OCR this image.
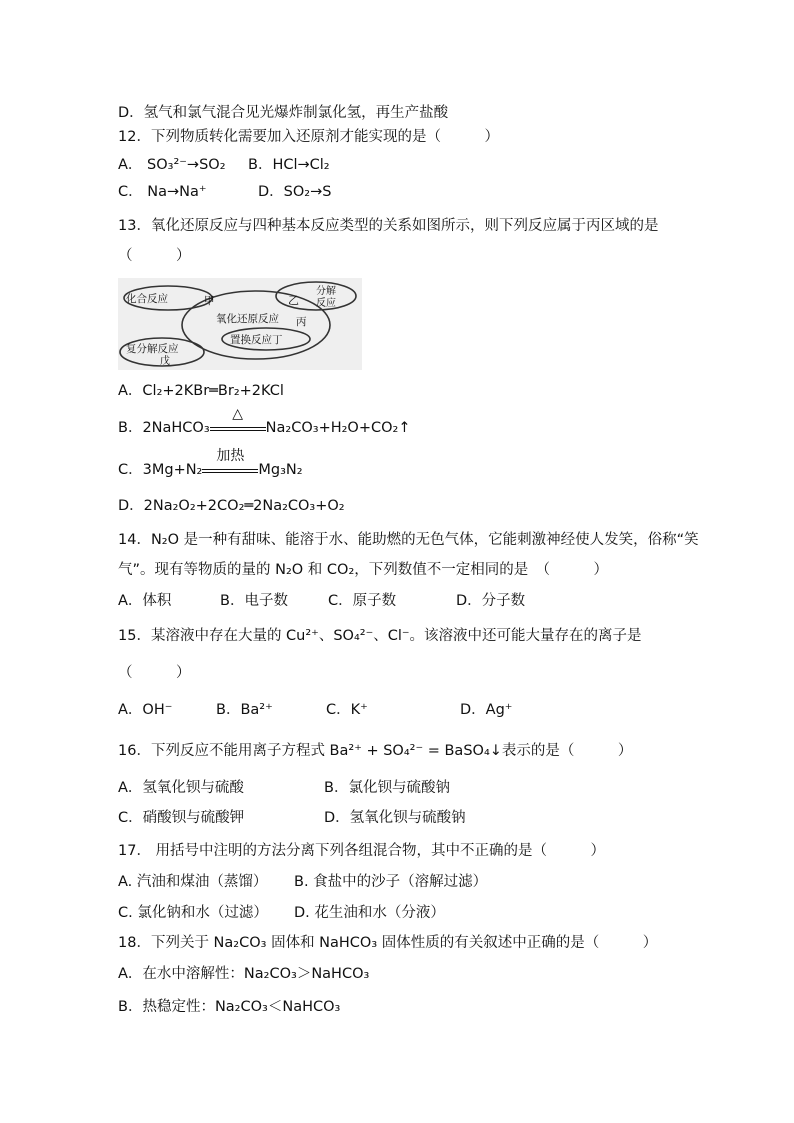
D．氢气和氯气混合见光爆炸制氯化氢，再生产盐酸
12．下列物质转化需要加入还原剂才能实现的是（　　　）
A． SO₃²⁻→SO₂ B．HCl→Cl₂
C． Na→Na⁺	D．SO₂→S
13．氧化还原反应与四种基本反应类型的关系如图所示，则下列反应属于丙区域的是
（　　　）
化合反应	甲
分解
反应
乙
氧化还原反应 丙
置换反应丁
复分解反应
戊
A．Cl₂+2KBr═Br₂+2KCl
B．2NaHCO₃
△
Na₂CO₃+H₂O+CO₂↑
C．3Mg+N₂
加热
Mg₃N₂
D．2Na₂O₂+2CO₂═2Na₂CO₃+O₂
14．N₂O 是一种有甜味、能溶于水、能助燃的无色气体，它能刺激神经使人发笑，俗称“笑
气”。现有等物质的量的 N₂O 和 CO₂，下列数值不一定相同的是　（　　　）
A．体积	B．电子数	C．原子数	D．分子数
15．某溶液中存在大量的 Cu²⁺、SO₄²⁻、Cl⁻。该溶液中还可能大量存在的离子是
（　　　）
A．OH⁻	B．Ba²⁺	C．K⁺	D．Ag⁺
16．下列反应不能用离子方程式 Ba²⁺ + SO₄²⁻ = BaSO₄↓表示的是（　　　）
A．氢氧化钡与硫酸	B．氯化钡与硫酸钠
C．硝酸钡与硫酸钾	D．氢氧化钡与硫酸钠
17． 用括号中注明的方法分离下列各组混合物，其中不正确的是（　　　）
A. 汽油和煤油（蒸馏） B. 食盐中的沙子（溶解过滤）
C. 氯化钠和水（过滤） D. 花生油和水（分液）
18．下列关于 Na₂CO₃ 固体和 NaHCO₃ 固体性质的有关叙述中正确的是（　　　）
A．在水中溶解性：Na₂CO₃＞NaHCO₃
B．热稳定性：Na₂CO₃＜NaHCO₃
